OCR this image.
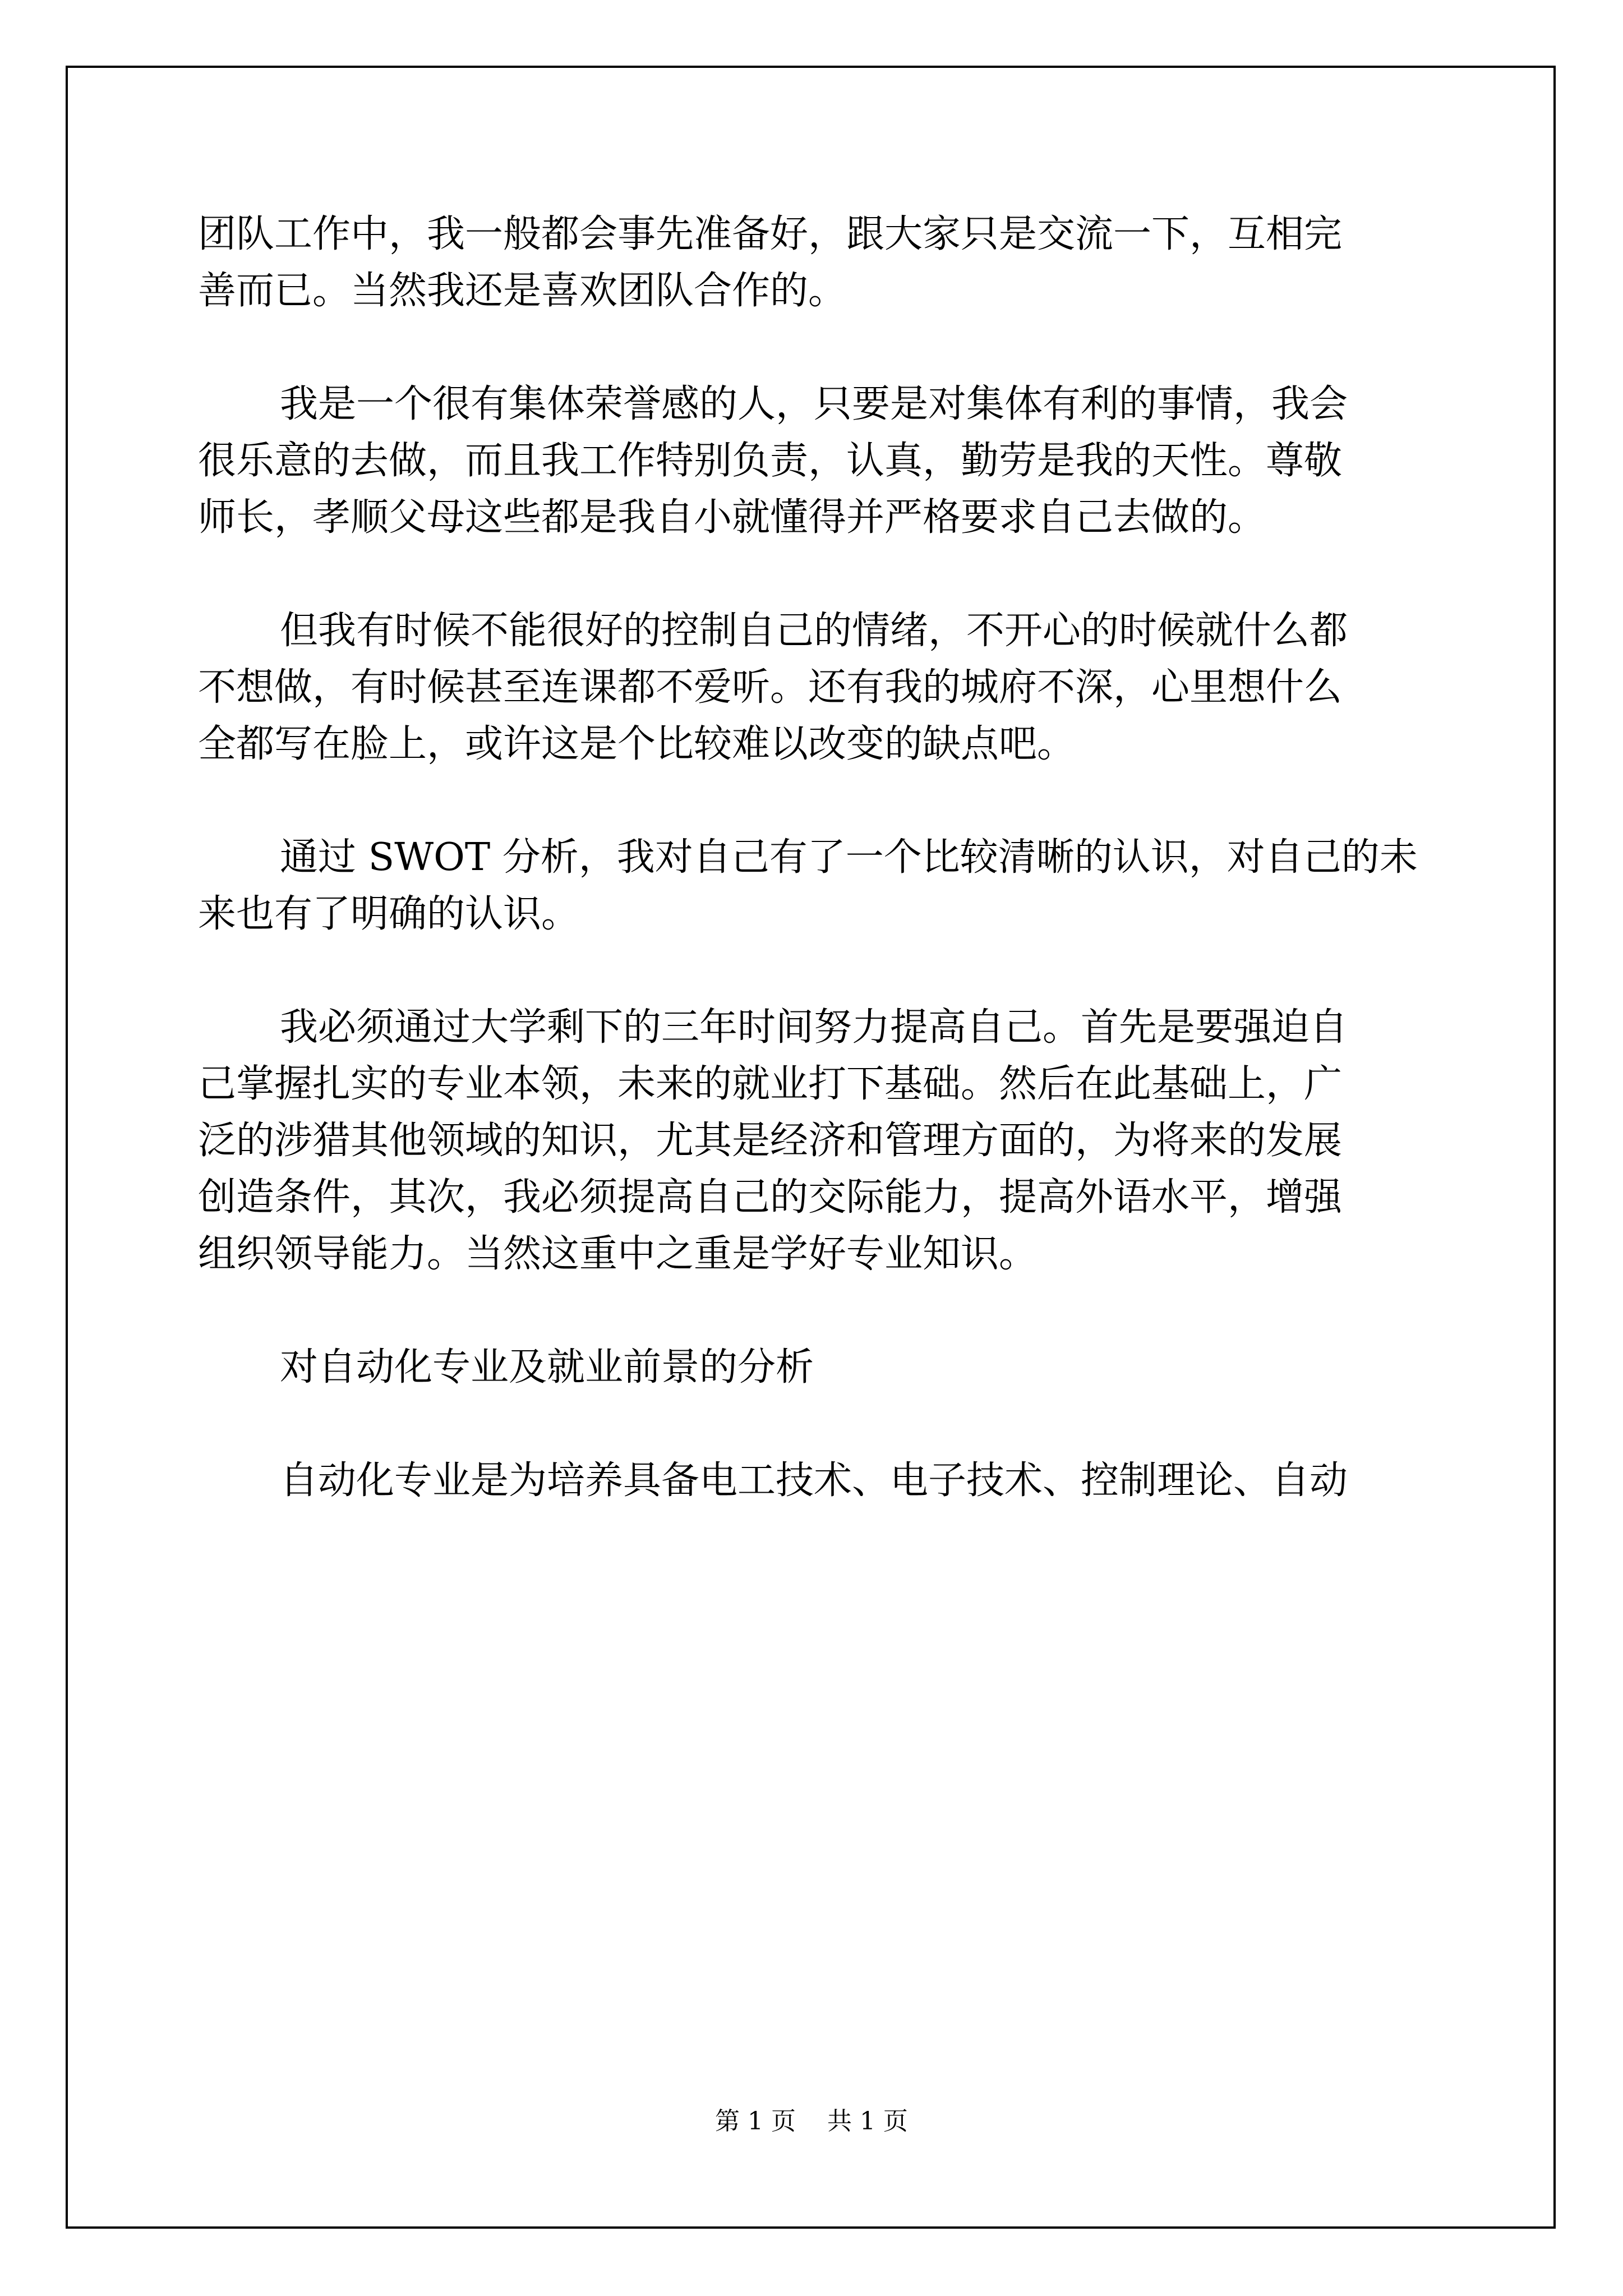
团队工作中，我一般都会事先准备好，跟大家只是交流一下，互相完
善而已。当然我还是喜欢团队合作的。
我是一个很有集体荣誉感的人，只要是对集体有利的事情，我会
很乐意的去做，而且我工作特别负责，认真，勤劳是我的天性。尊敬
师长，孝顺父母这些都是我自小就懂得并严格要求自己去做的。
但我有时候不能很好的控制自己的情绪，不开心的时候就什么都
不想做，有时候甚至连课都不爱听。还有我的城府不深，心里想什么
全都写在脸上，或许这是个比较难以改变的缺点吧。
通过 SWOT 分析，我对自己有了一个比较清晰的认识，对自己的未
来也有了明确的认识。
我必须通过大学剩下的三年时间努力提高自己。首先是要强迫自
己掌握扎实的专业本领，未来的就业打下基础。然后在此基础上，广
泛的涉猎其他领域的知识，尤其是经济和管理方面的，为将来的发展
创造条件，其次，我必须提高自己的交际能力，提高外语水平，增强
组织领导能力。当然这重中之重是学好专业知识。
对自动化专业及就业前景的分析
自动化专业是为培养具备电工技术、电子技术、控制理论、自动
第 1 页    共 1 页
